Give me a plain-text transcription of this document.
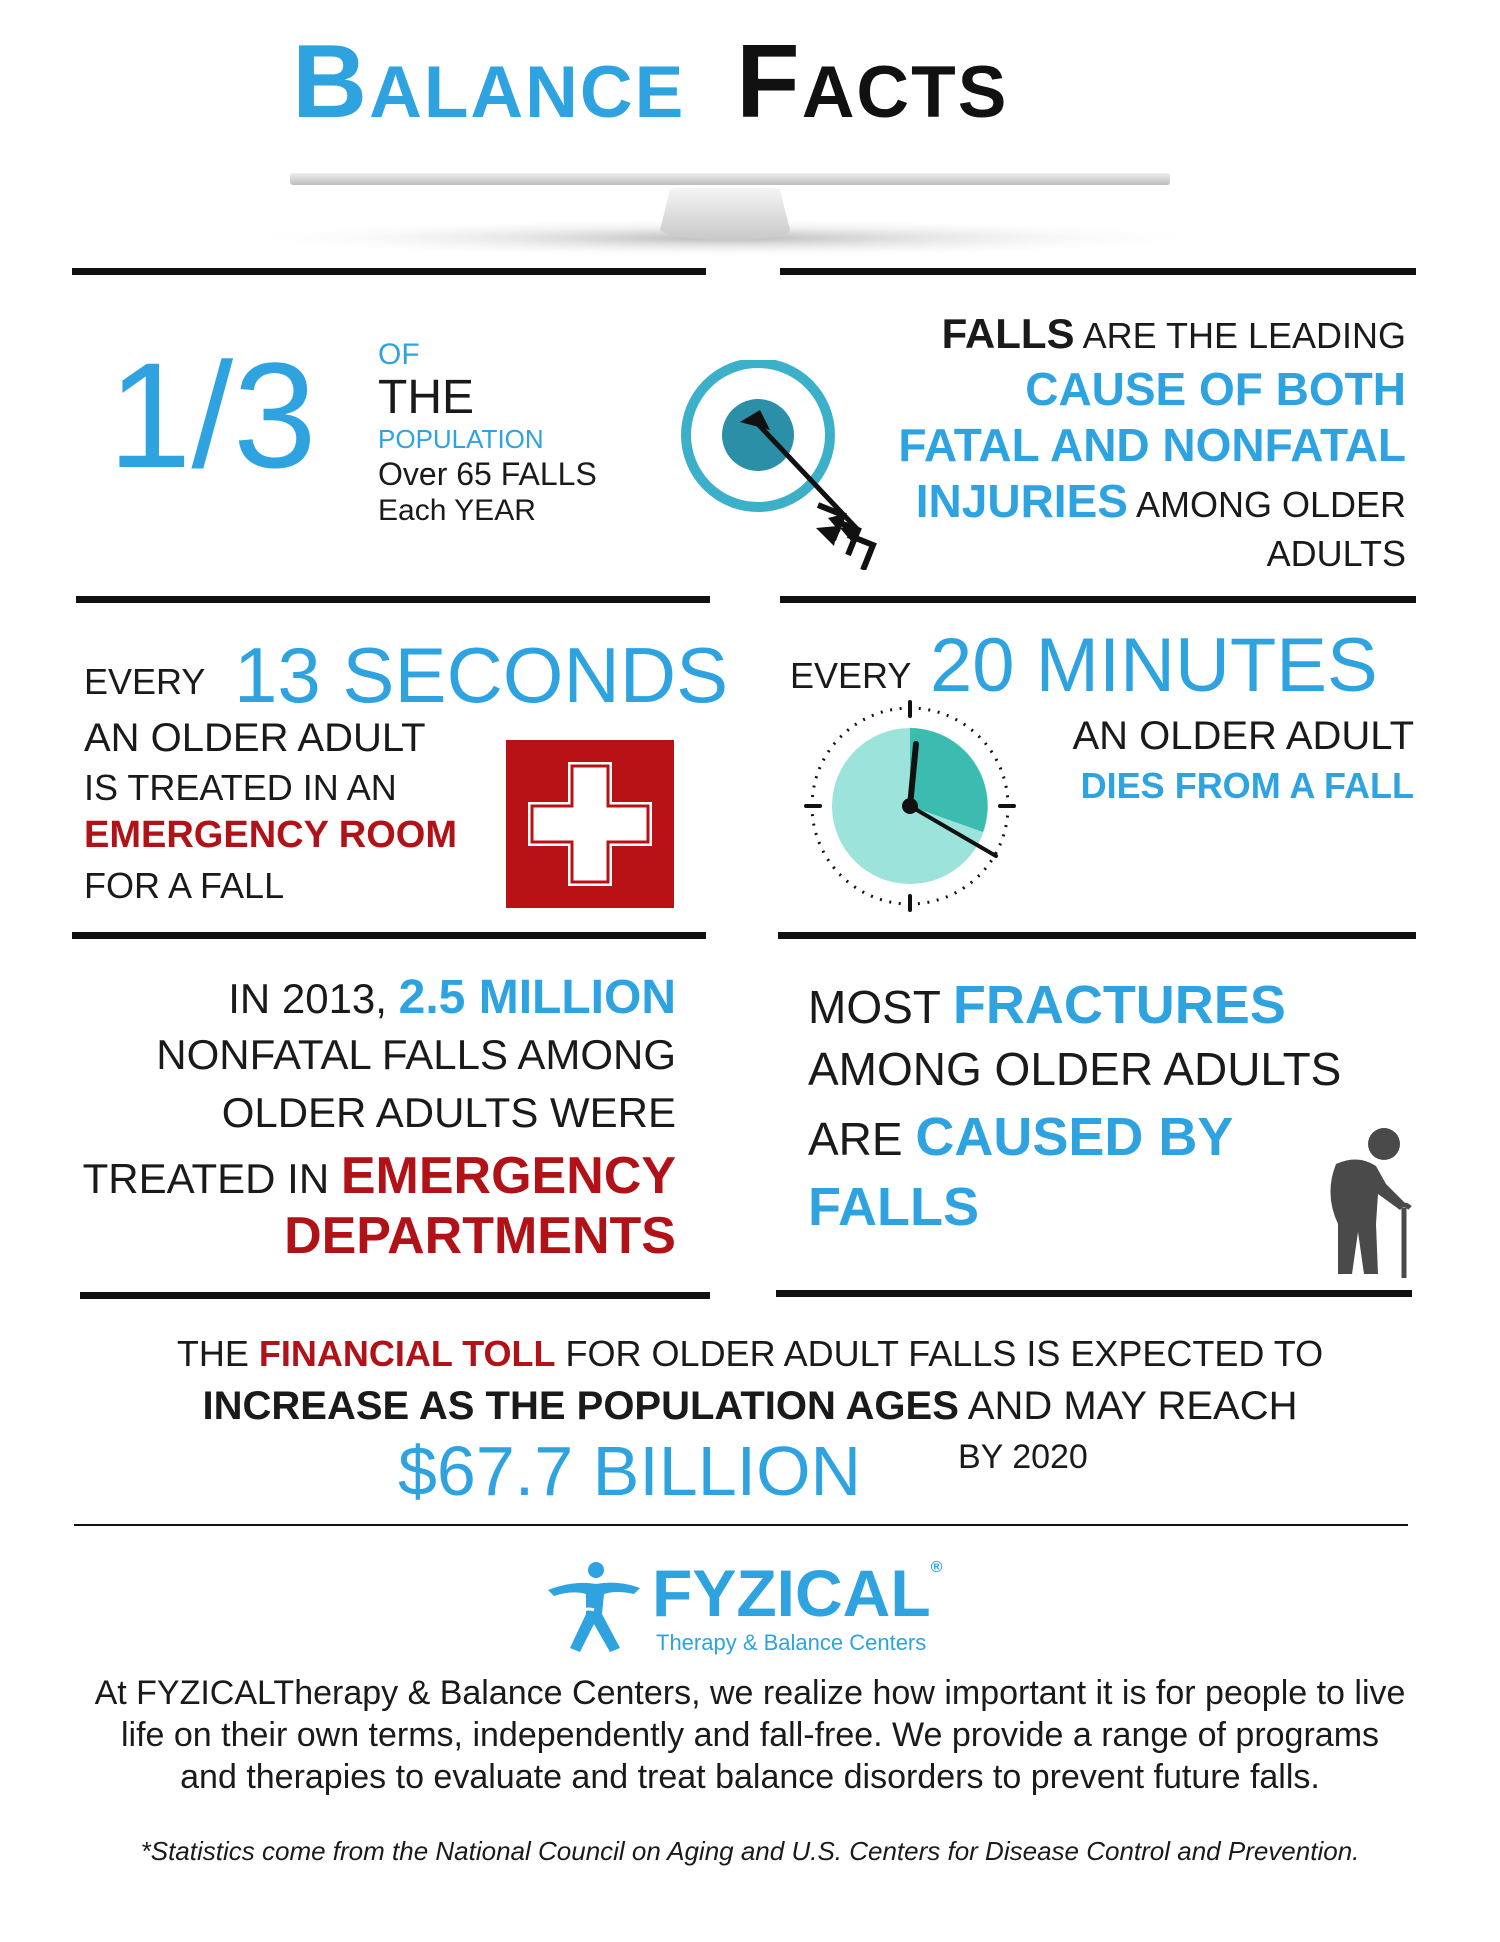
Balance Facts
1/3 OF
THE
POPULATION
Over 65 FALLS
Each YEAR
FALLS ARE THE LEADING
CAUSE OF BOTH
FATAL AND NONFATAL
INJURIES AMONG OLDER
ADULTS
EVERY 13 SECONDS
AN OLDER ADULT
IS TREATED IN AN
EMERGENCY ROOM
FOR A FALL
EVERY 20 MINUTES
AN OLDER ADULT
DIES FROM A FALL
IN 2013, 2.5 MILLION
NONFATAL FALLS AMONG
OLDER ADULTS WERE
TREATED IN EMERGENCY
DEPARTMENTS
MOST FRACTURES
AMONG OLDER ADULTS
ARE CAUSED BY
FALLS
THE FINANCIAL TOLL FOR OLDER ADULT FALLS IS EXPECTED TO
INCREASE AS THE POPULATION AGES AND MAY REACH
$67.7 BILLION	BY 2020
FYZICAL®
Therapy & Balance Centers
At FYZICALTherapy & Balance Centers, we realize how important it is for people to live
life on their own terms, independently and fall-free. We provide a range of programs
and therapies to evaluate and treat balance disorders to prevent future falls.
*Statistics come from the National Council on Aging and U.S. Centers for Disease Control and Prevention.
